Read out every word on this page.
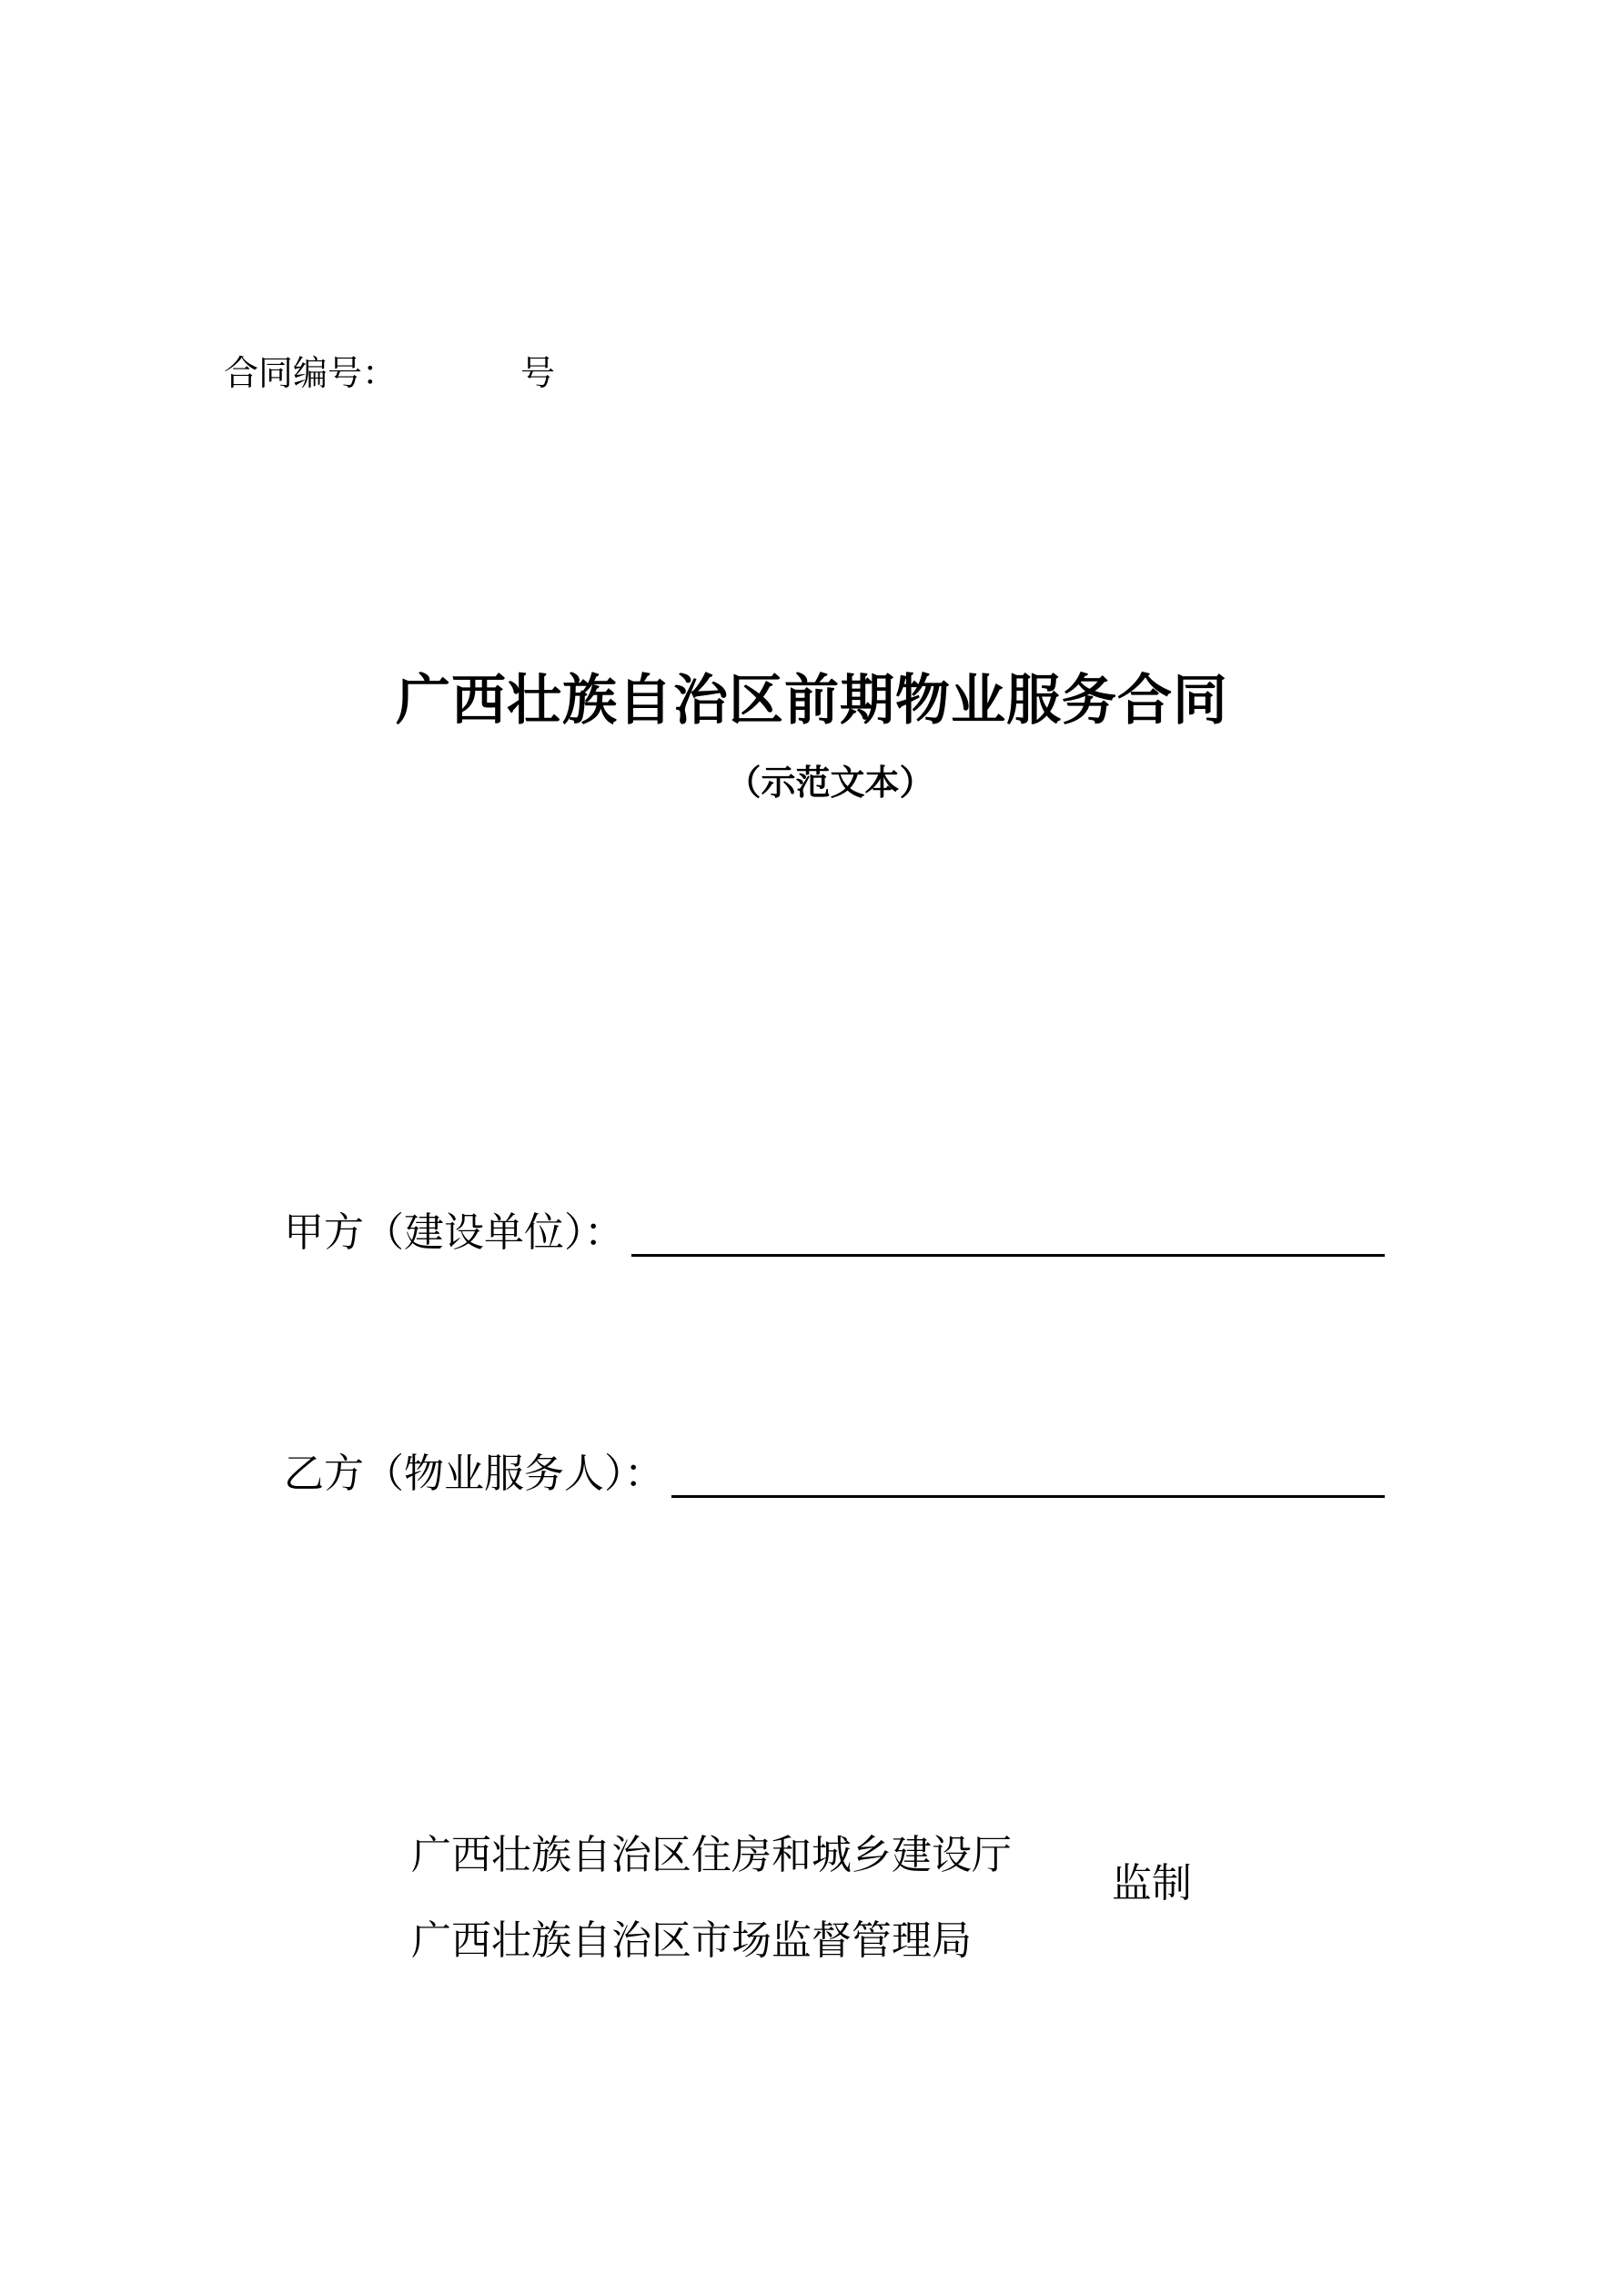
合同编号：	号
广西壮族自治区前期物业服务合同
（示范文本）
甲方（建设单位）：
乙方（物业服务人）：
广西壮族自治区住房和城乡建设厅
广西壮族自治区市场监督管理局
监制
